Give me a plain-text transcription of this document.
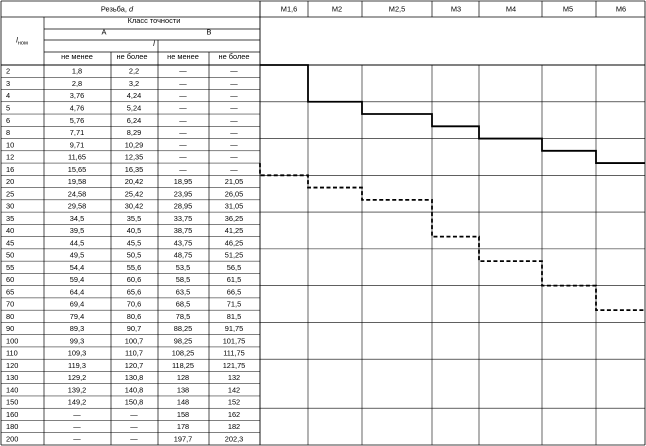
Резьба, d
Класс точности
A	B
l
$l_{ном}$
не менее	не более	не менее	не более
M1,6	M2	M2,5	M3	M4	M5	M6
2	1,8	2,2	—	—
3	2,8	3,2	—	—
4	3,76	4,24	—	—
5	4,76	5,24	—	—
6	5,76	6,24	—	—
8	7,71	8,29	—	—
10	9,71	10,29	—	—
12	11,65	12,35	—	—
16	15,65	16,35	—	—
20	19,58	20,42	18,95	21,05
25	24,58	25,42	23,95	26,05
30	29,58	30,42	28,95	31,05
35	34,5	35,5	33,75	36,25
40	39,5	40,5	38,75	41,25
45	44,5	45,5	43,75	46,25
50	49,5	50,5	48,75	51,25
55	54,4	55,6	53,5	56,5
60	59,4	60,6	58,5	61,5
65	64,4	65,6	63,5	66,5
70	69,4	70,6	68,5	71,5
80	79,4	80,6	78,5	81,5
90	89,3	90,7	88,25	91,75
100	99,3	100,7	98,25	101,75
110	109,3	110,7	108,25	111,75
120	119,3	120,7	118,25	121,75
130	129,2	130,8	128	132
140	139,2	140,8	138	142
150	149,2	150,8	148	152
160	—	—	158	162
180	—	—	178	182
200	—	—	197,7	202,3
